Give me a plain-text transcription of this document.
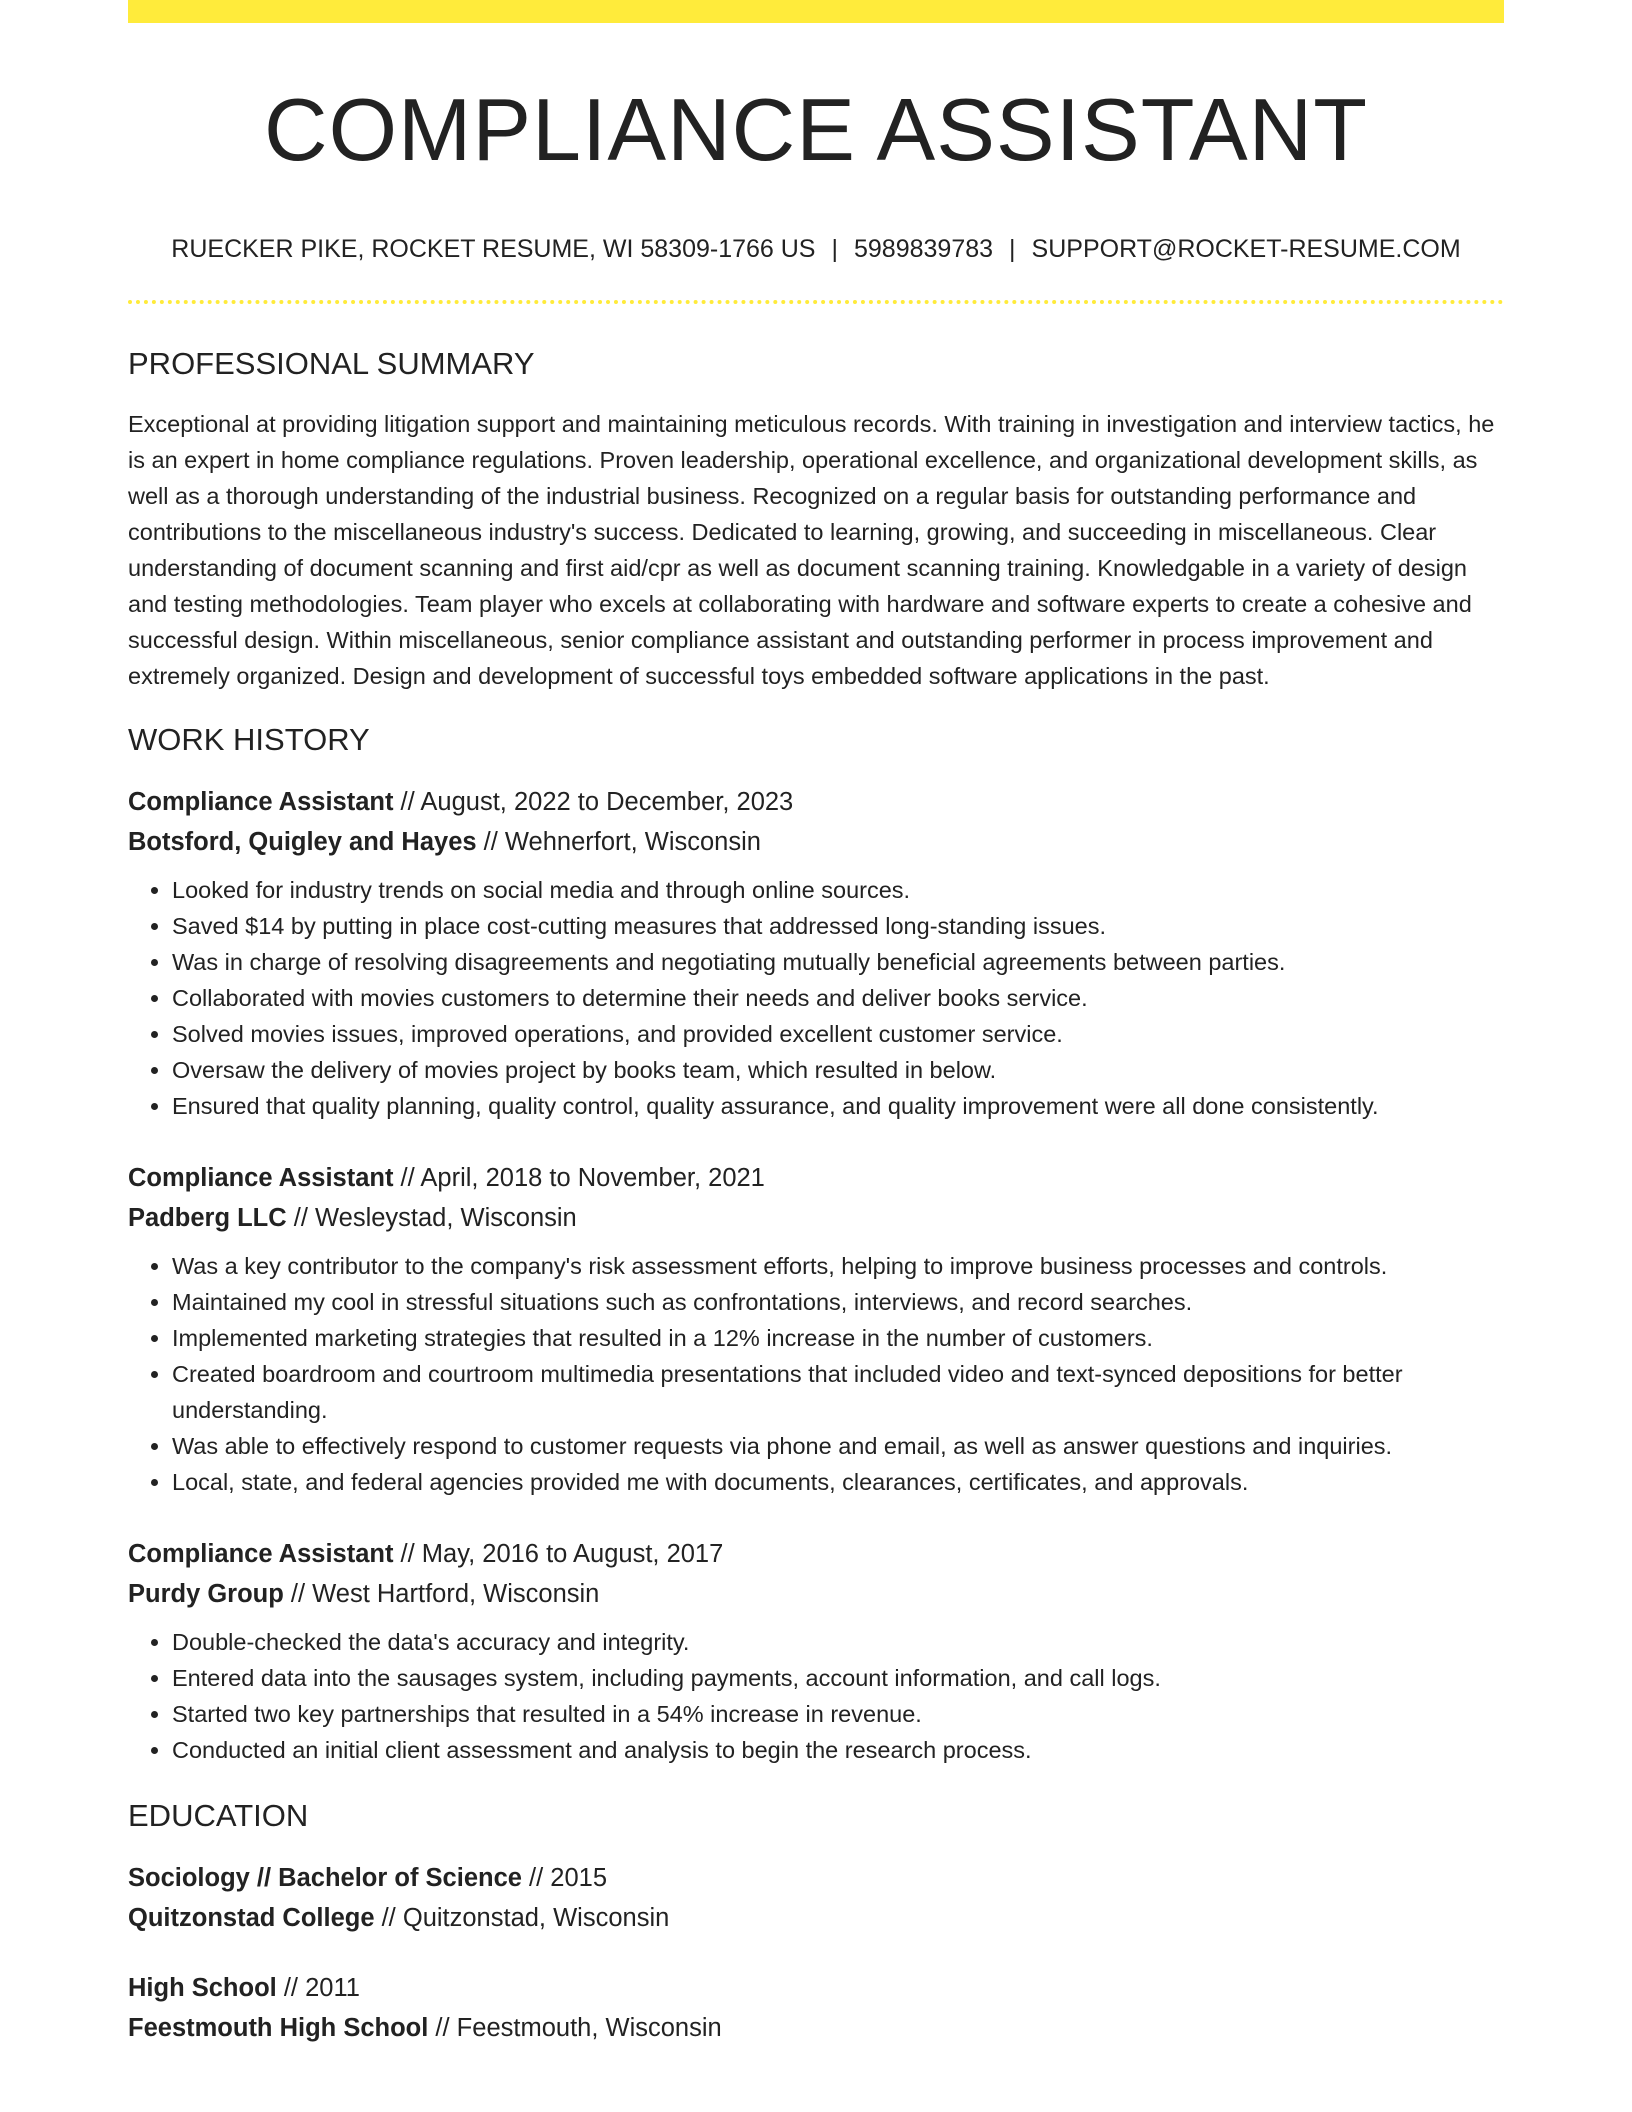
COMPLIANCE ASSISTANT
RUECKER PIKE, ROCKET RESUME, WI 58309-1766 US | 5989839783 | SUPPORT@ROCKET-RESUME.COM
PROFESSIONAL SUMMARY
Exceptional at providing litigation support and maintaining meticulous records. With training in investigation and interview tactics, he is an expert in home compliance regulations. Proven leadership, operational excellence, and organizational development skills, as well as a thorough understanding of the industrial business. Recognized on a regular basis for outstanding performance and contributions to the miscellaneous industry's success. Dedicated to learning, growing, and succeeding in miscellaneous. Clear understanding of document scanning and first aid/cpr as well as document scanning training. Knowledgable in a variety of design and testing methodologies. Team player who excels at collaborating with hardware and software experts to create a cohesive and successful design. Within miscellaneous, senior compliance assistant and outstanding performer in process improvement and extremely organized. Design and development of successful toys embedded software applications in the past.
WORK HISTORY

Compliance Assistant // August, 2022 to December, 2023

Botsford, Quigley and Hayes // Wehnerfort, Wisconsin

• Looked for industry trends on social media and through online sources.
• Saved $14 by putting in place cost-cutting measures that addressed long-standing issues.
• Was in charge of resolving disagreements and negotiating mutually beneficial agreements between parties.
• Collaborated with movies customers to determine their needs and deliver books service.
• Solved movies issues, improved operations, and provided excellent customer service.
• Oversaw the delivery of movies project by books team, which resulted in below.
• Ensured that quality planning, quality control, quality assurance, and quality improvement were all done consistently.

Compliance Assistant // April, 2018 to November, 2021

Padberg LLC // Wesleystad, Wisconsin

• Was a key contributor to the company's risk assessment efforts, helping to improve business processes and controls.
• Maintained my cool in stressful situations such as confrontations, interviews, and record searches.
• Implemented marketing strategies that resulted in a 12% increase in the number of customers.
• Created boardroom and courtroom multimedia presentations that included video and text-synced depositions for better understanding.
• Was able to effectively respond to customer requests via phone and email, as well as answer questions and inquiries.
• Local, state, and federal agencies provided me with documents, clearances, certificates, and approvals.

Compliance Assistant // May, 2016 to August, 2017

Purdy Group // West Hartford, Wisconsin

• Double-checked the data's accuracy and integrity.
• Entered data into the sausages system, including payments, account information, and call logs.
• Started two key partnerships that resulted in a 54% increase in revenue.
• Conducted an initial client assessment and analysis to begin the research process.
EDUCATION

Sociology // Bachelor of Science // 2015

Quitzonstad College // Quitzonstad, Wisconsin

High School // 2011

Feestmouth High School // Feestmouth, Wisconsin
